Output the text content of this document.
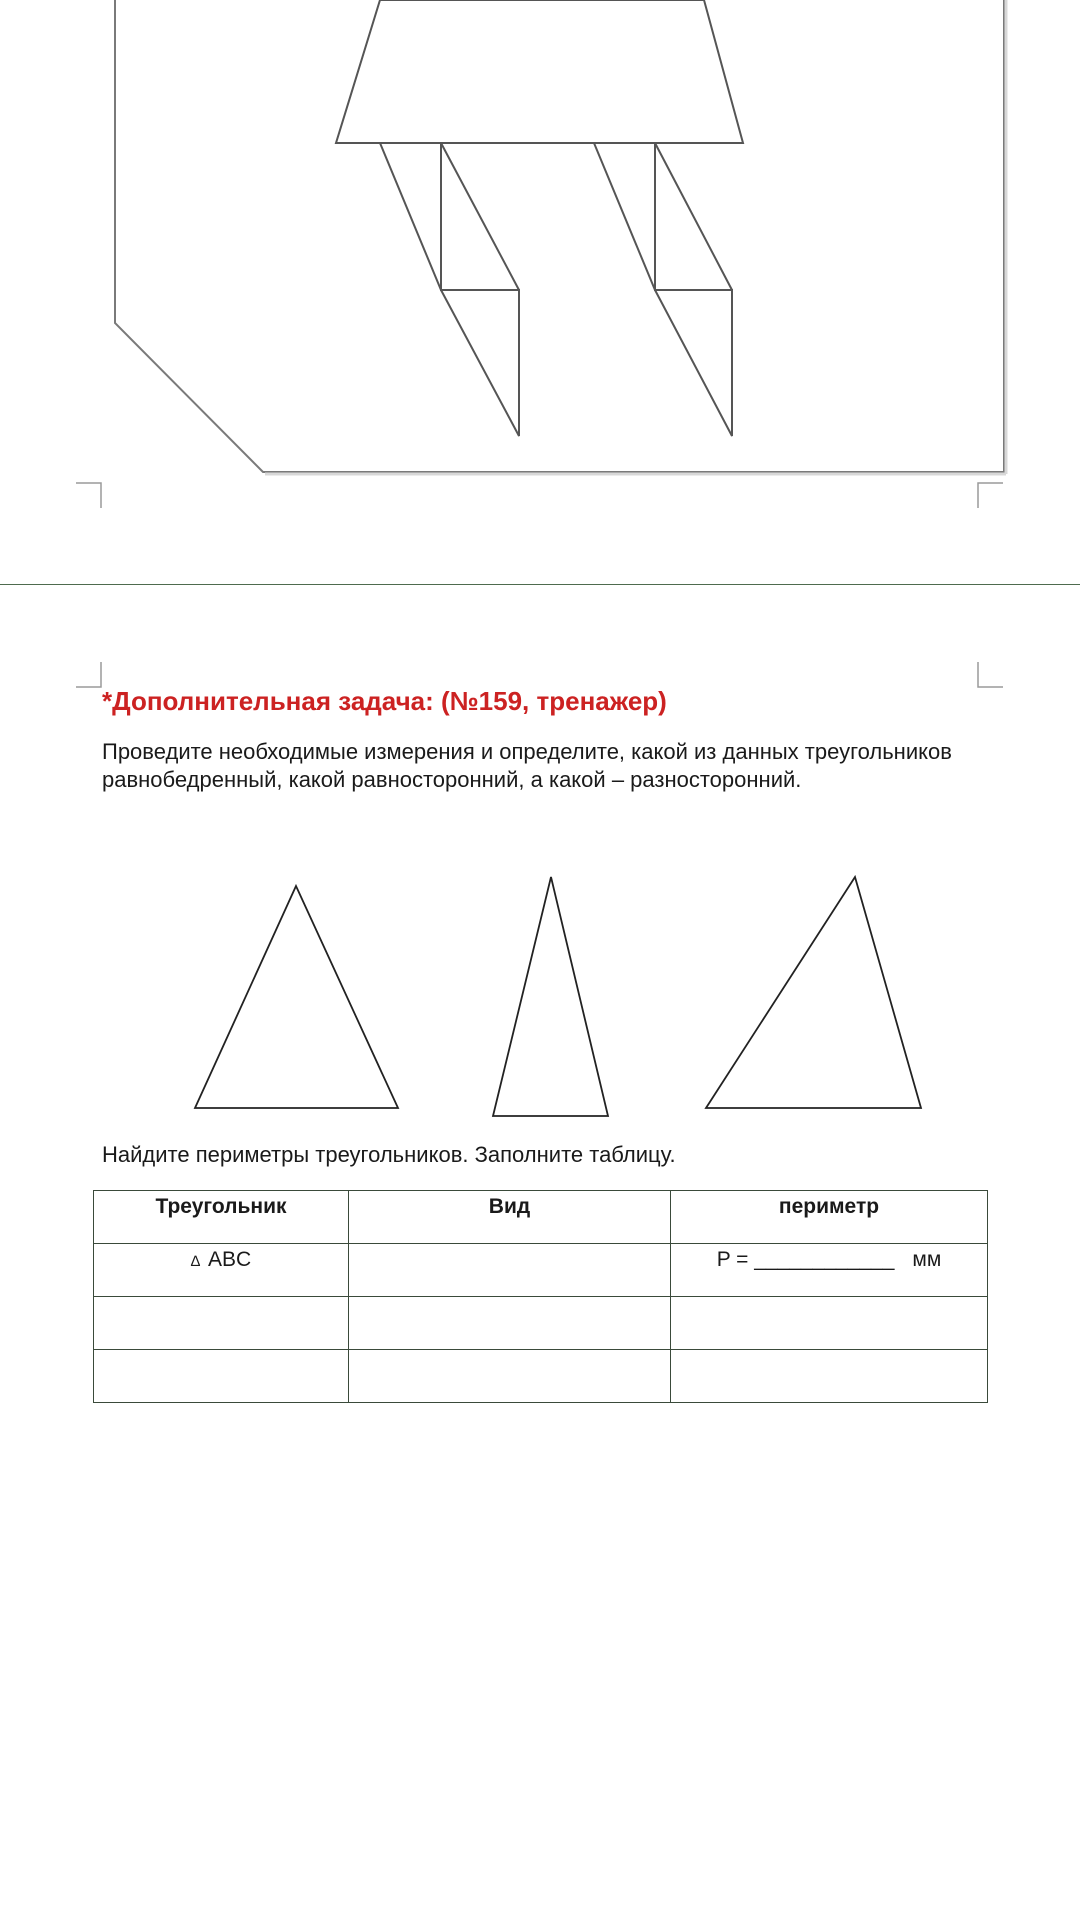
*Дополнительная задача: (№159, тренажер)

Проведите необходимые измерения и определите, какой из данных треугольников

равнобедренный, какой равносторонний, а какой – разносторонний.

Найдите периметры треугольников. Заполните таблицу.
Треугольник	Вид	периметр
∆ ABC		P = ____________ мм
